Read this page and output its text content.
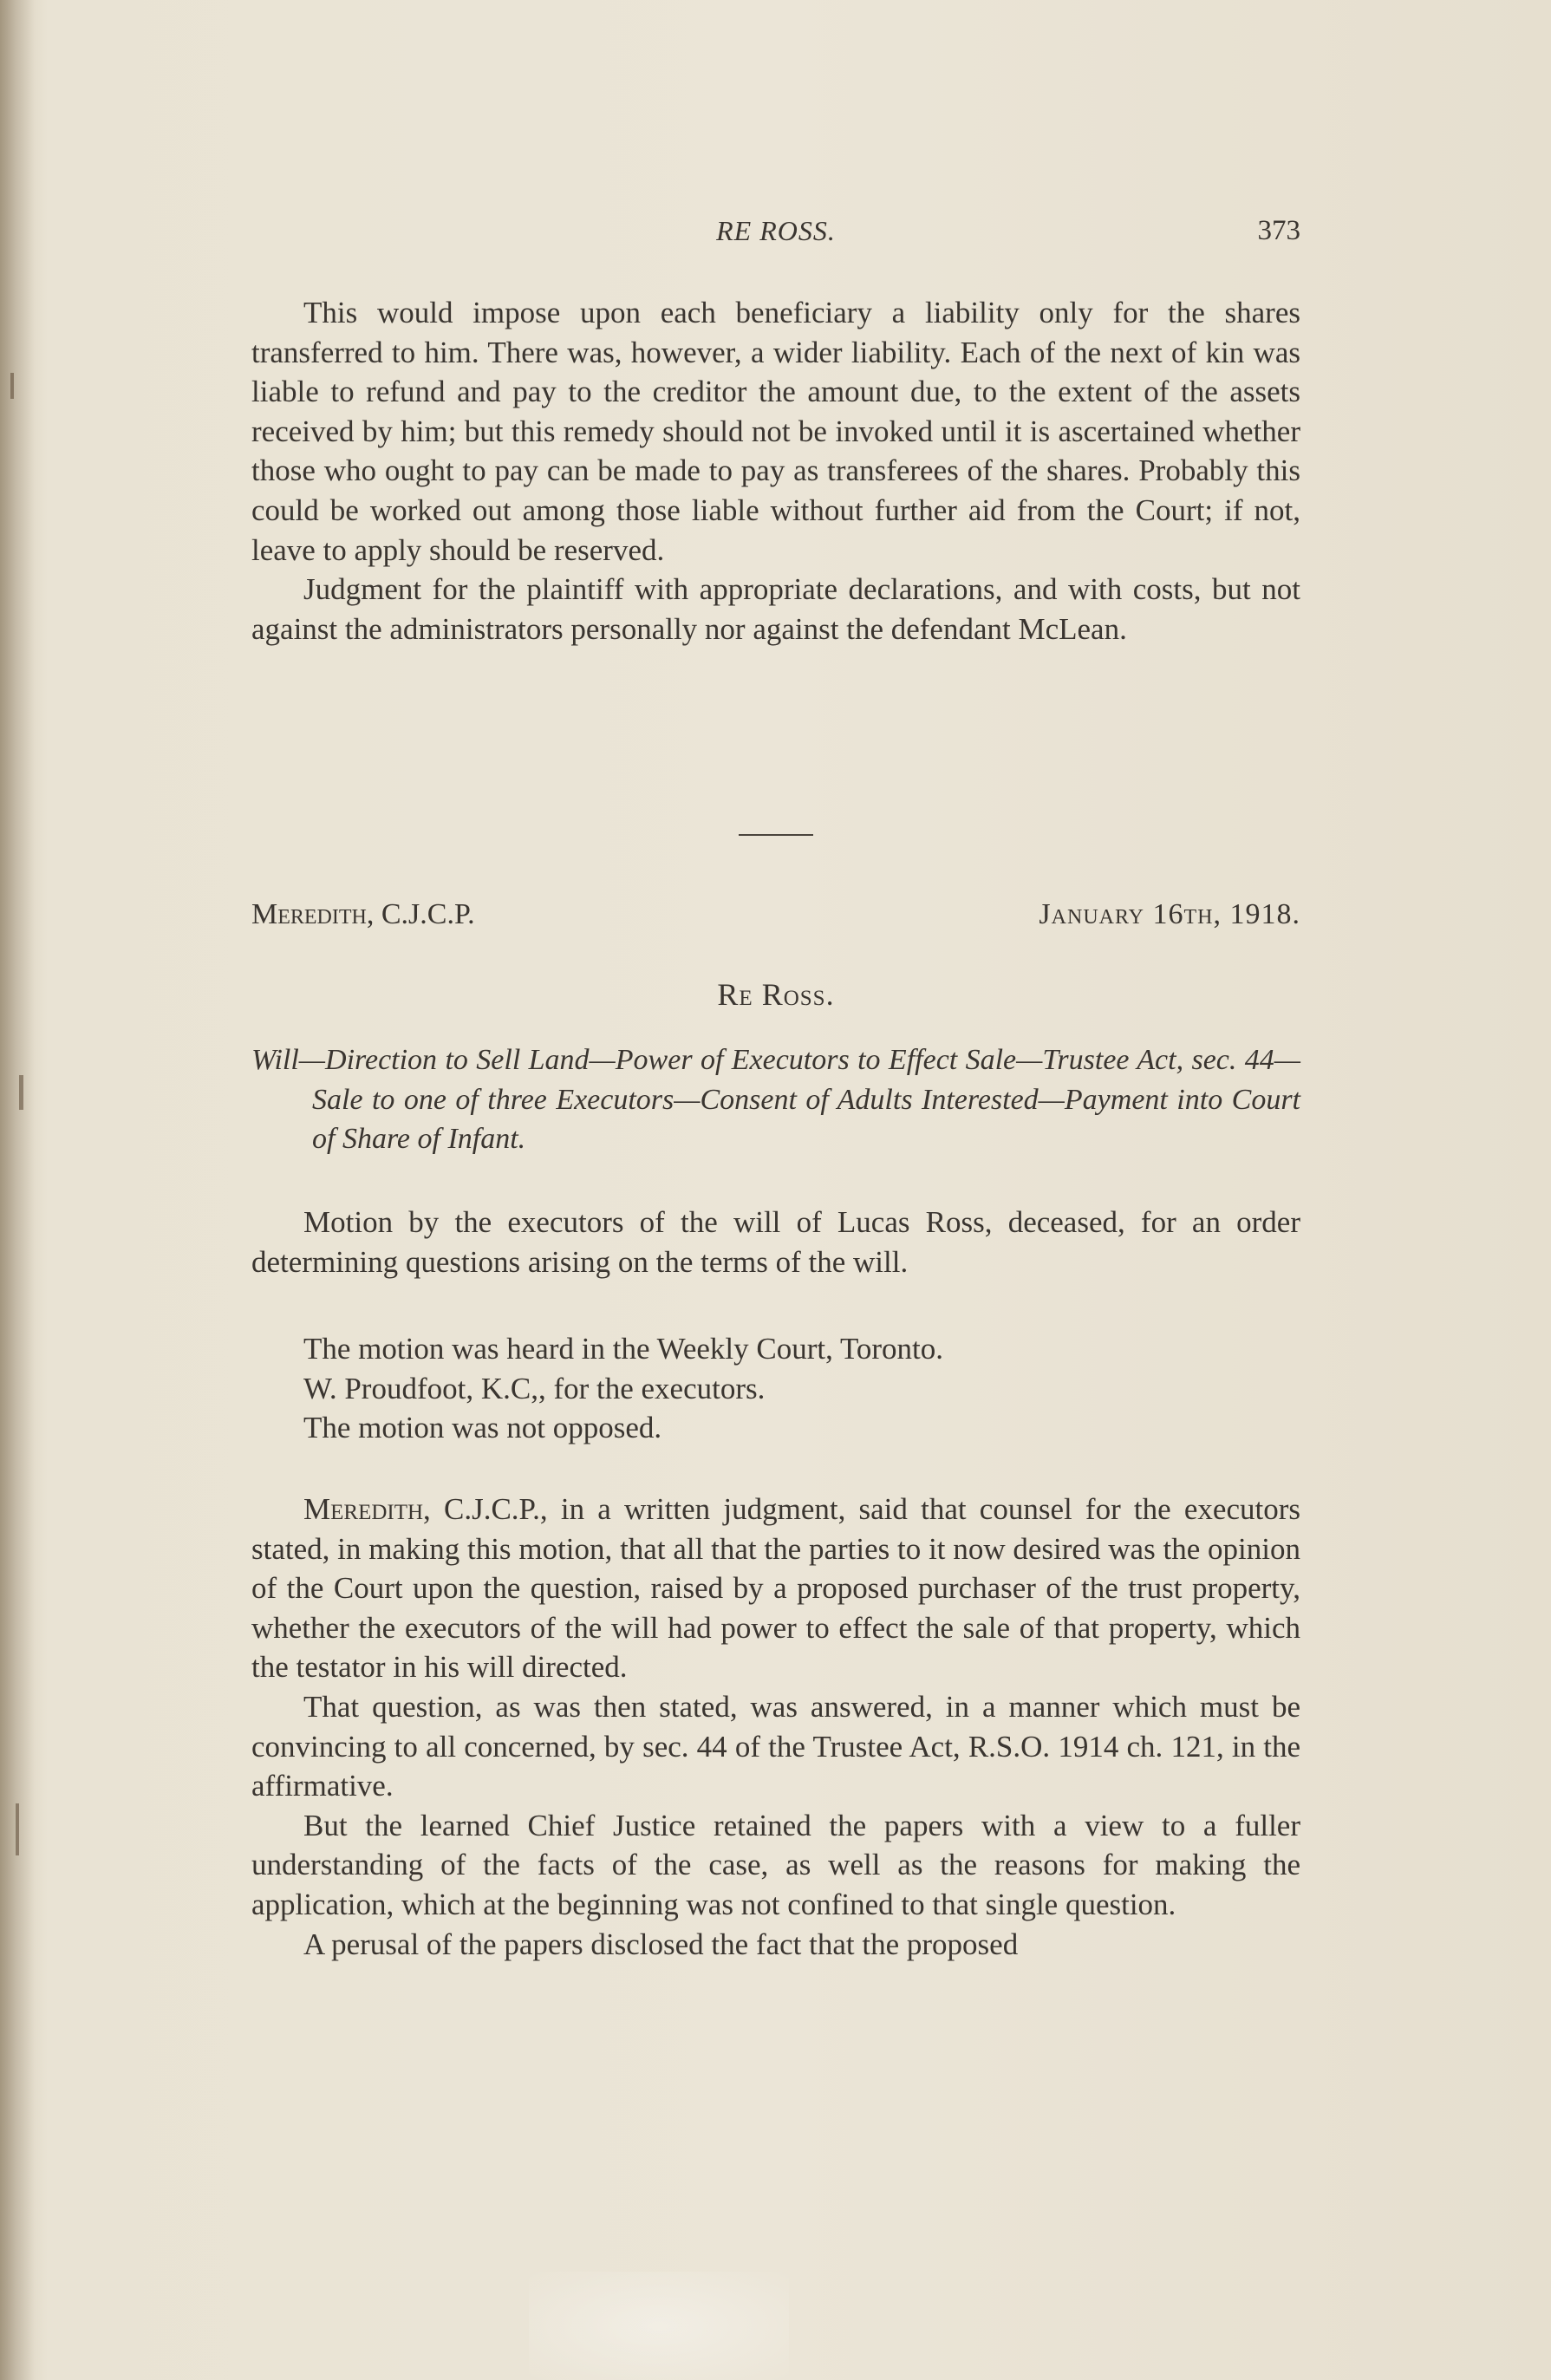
RE ROSS.	373

This would impose upon each beneficiary a liability only for the shares transferred to him. There was, however, a wider liability. Each of the next of kin was liable to refund and pay to the creditor the amount due, to the extent of the assets received by him; but this remedy should not be invoked until it is ascertained whether those who ought to pay can be made to pay as transferees of the shares. Probably this could be worked out among those liable without further aid from the Court; if not, leave to apply should be reserved.

Judgment for the plaintiff with appropriate declarations, and with costs, but not against the administrators personally nor against the defendant McLean.

Meredith, C.J.C.P.	January 16th, 1918.
Re Ross.
Will—Direction to Sell Land—Power of Executors to Effect Sale—Trustee Act, sec. 44—Sale to one of three Executors—Consent of Adults Interested—Payment into Court of Share of Infant.

Motion by the executors of the will of Lucas Ross, deceased, for an order determining questions arising on the terms of the will.

The motion was heard in the Weekly Court, Toronto.

W. Proudfoot, K.C,, for the executors.

The motion was not opposed.

Meredith, C.J.C.P., in a written judgment, said that counsel for the executors stated, in making this motion, that all that the parties to it now desired was the opinion of the Court upon the question, raised by a proposed purchaser of the trust property, whether the executors of the will had power to effect the sale of that property, which the testator in his will directed.

That question, as was then stated, was answered, in a manner which must be convincing to all concerned, by sec. 44 of the Trustee Act, R.S.O. 1914 ch. 121, in the affirmative.

But the learned Chief Justice retained the papers with a view to a fuller understanding of the facts of the case, as well as the reasons for making the application, which at the beginning was not confined to that single question.

A perusal of the papers disclosed the fact that the proposed
